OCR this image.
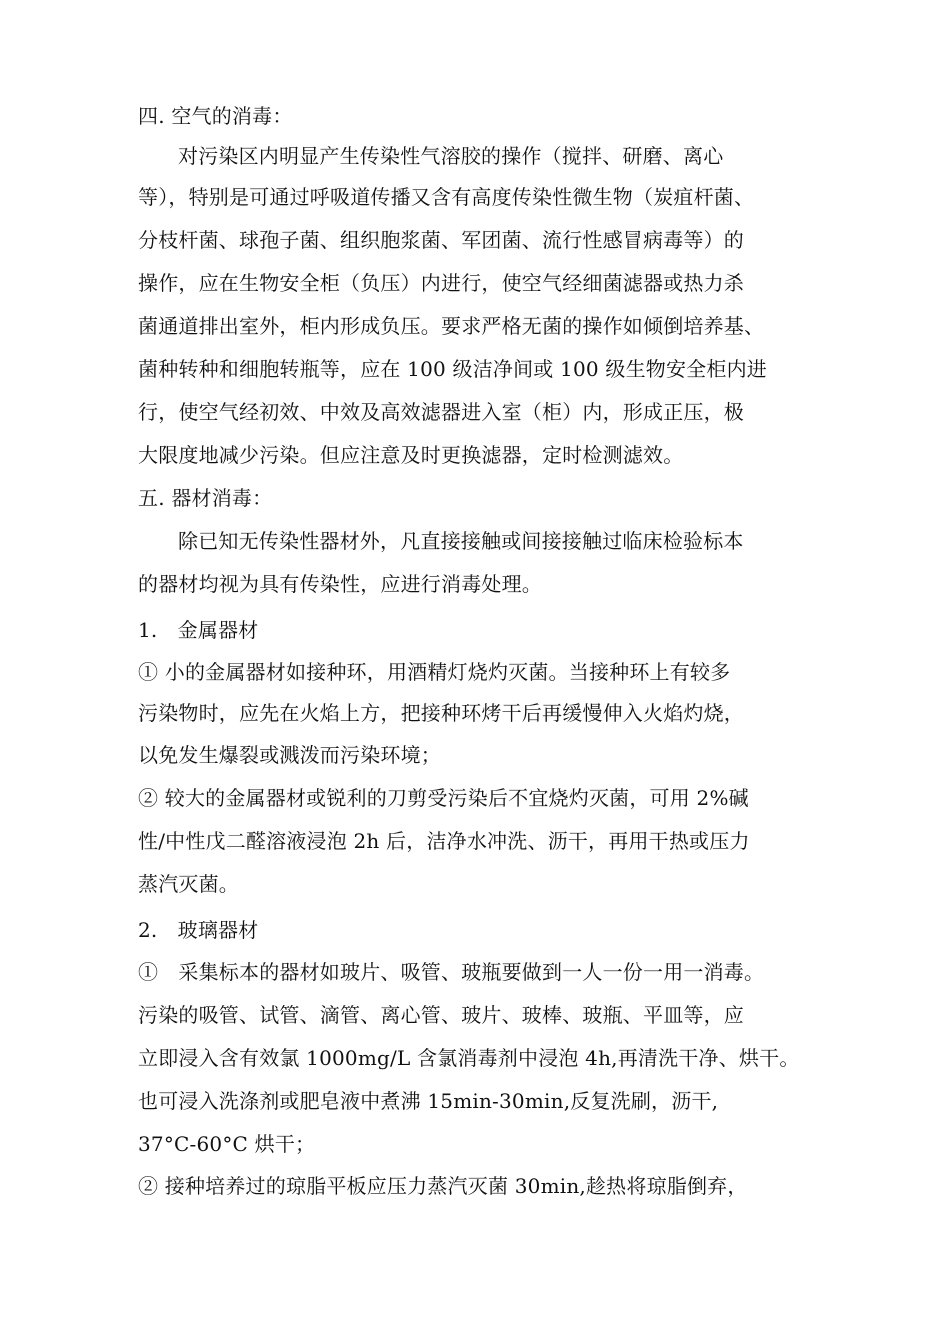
四. 空气的消毒：
对污染区内明显产生传染性气溶胶的操作（搅拌、研磨、离心
等），特别是可通过呼吸道传播又含有高度传染性微生物（炭疽杆菌、
分枝杆菌、球孢子菌、组织胞浆菌、军团菌、流行性感冒病毒等）的
操作，应在生物安全柜（负压）内进行，使空气经细菌滤器或热力杀
菌通道排出室外，柜内形成负压。要求严格无菌的操作如倾倒培养基、
菌种转种和细胞转瓶等，应在 100 级洁净间或 100 级生物安全柜内进
行，使空气经初效、中效及高效滤器进入室（柜）内，形成正压，极
大限度地减少污染。但应注意及时更换滤器，定时检测滤效。
五. 器材消毒：
除已知无传染性器材外，凡直接接触或间接接触过临床检验标本
的器材均视为具有传染性，应进行消毒处理。
1.　金属器材
① 小的金属器材如接种环，用酒精灯烧灼灭菌。当接种环上有较多
污染物时，应先在火焰上方，把接种环烤干后再缓慢伸入火焰灼烧，
以免发生爆裂或溅泼而污染环境；
② 较大的金属器材或锐利的刀剪受污染后不宜烧灼灭菌，可用 2%碱
性/中性戊二醛溶液浸泡 2h 后，洁净水冲洗、沥干，再用干热或压力
蒸汽灭菌。
2.　玻璃器材
①　采集标本的器材如玻片、吸管、玻瓶要做到一人一份一用一消毒。
污染的吸管、试管、滴管、离心管、玻片、玻棒、玻瓶、平皿等，应
立即浸入含有效氯 1000mg/L 含氯消毒剂中浸泡 4h,再清洗干净、烘干。
也可浸入洗涤剂或肥皂液中煮沸 15min-30min,反复洗刷，沥干,
37°C-60°C 烘干；
② 接种培养过的琼脂平板应压力蒸汽灭菌 30min,趁热将琼脂倒弃，
